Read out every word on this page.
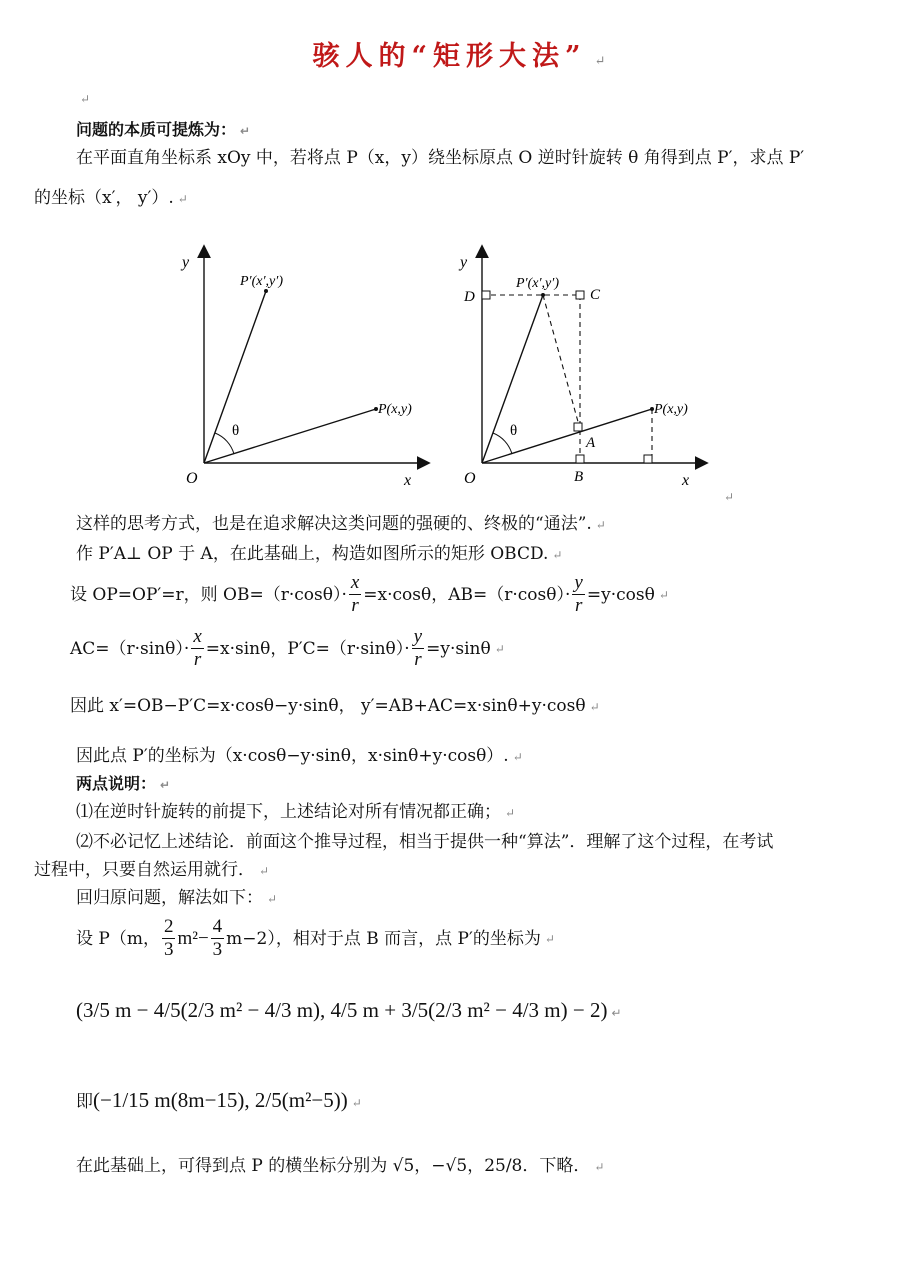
骇人的“矩形大法” ↵
↵
问题的本质可提炼为： ↵
在平面直角坐标系 xOy 中，若将点 P（x，y）绕坐标原点 O 逆时针旋转 θ 角得到点 P′，求点 P′
的坐标（x′， y′）. ↵
y
x
O
P′(x′,y′)
P(x,y)
θ
y
x
O
P′(x′,y′)
P(x,y)
θ
D	C
A
B
↵
这样的思考方式，也是在追求解决这类问题的强硬的、终极的“通法”. ↵
作 P′A⊥ OP 于 A，在此基础上，构造如图所示的矩形 OBCD. ↵
设 OP=OP′=r，则 $OB=(r\cdot\cos\theta)\cdot \frac{x}{r} =x\cdot\cos\theta$，$AB=(r\cdot\cos\theta)\cdot \frac{y}{r} =y\cdot\cos\theta$ ↵
$AC=(r\cdot\sin\theta)\cdot \frac{x}{r} =x\cdot\sin\theta$，$P'C=(r\cdot\sin\theta)\cdot \frac{y}{r} =y\cdot\sin\theta$ ↵
因此 x′=OB−P′C=x·cosθ−y·sinθ， y′=AB+AC=x·sinθ+y·cosθ ↵
因此点 P′的坐标为（x·cosθ−y·sinθ，x·sinθ+y·cosθ）. ↵
两点说明： ↵
⑴在逆时针旋转的前提下，上述结论对所有情况都正确； ↵
⑵不必记忆上述结论．前面这个推导过程，相当于提供一种“算法”．理解了这个过程，在考试
过程中，只要自然运用就行． ↵
回归原问题，解法如下： ↵
设 P（m， $\frac{2}{3} m^2- \frac{4}{3} m-2$），相对于点 B 而言，点 P′的坐标为 ↵
(3/5 m − 4/5(2/3 m² − 4/3 m), 4/5 m + 3/5(2/3 m² − 4/3 m) − 2) ↵
即(−1/15 m(8m−15), 2/5(m²−5)) ↵
在此基础上，可得到点 P 的横坐标分别为 √5，−√5，25/8．下略． ↵
